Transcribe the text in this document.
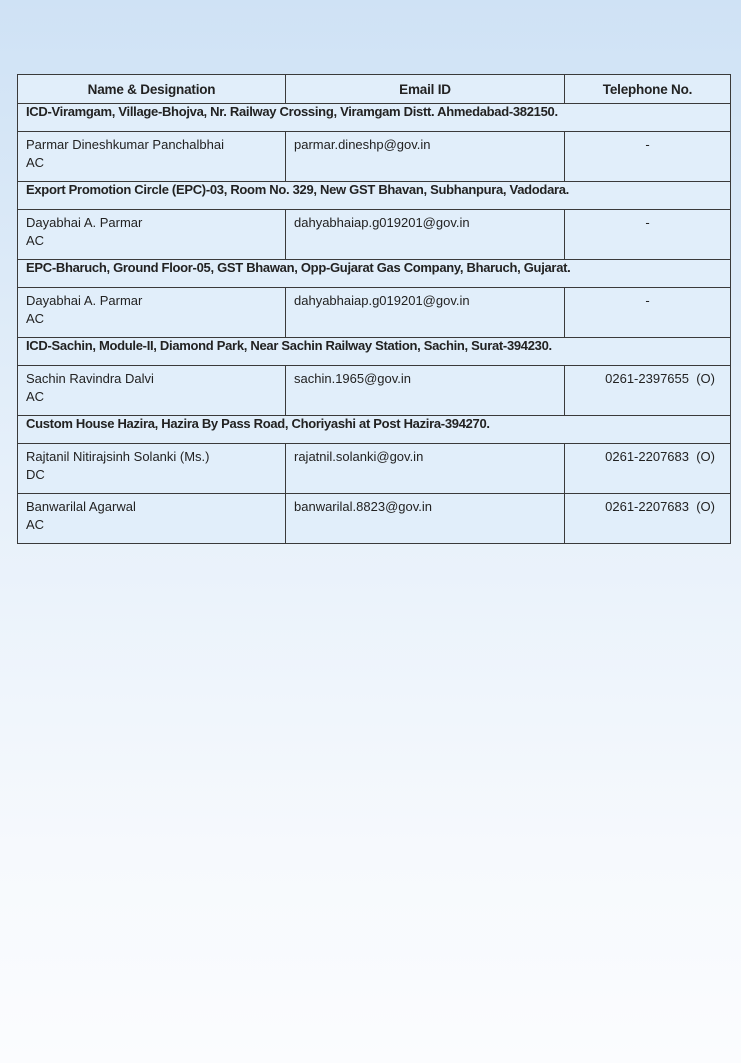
Name & Designation	Email ID	Telephone No.
ICD-Viramgam, Village-Bhojva, Nr. Railway Crossing, Viramgam Distt. Ahmedabad-382150.		

Parmar Dineshkumar Panchalbhai
AC	parmar.dineshp@gov.in	-
Export Promotion Circle (EPC)-03, Room No. 329, New GST Bhavan, Subhanpura, Vadodara.		

Dayabhai A. Parmar
AC	dahyabhaiap.g019201@gov.in	-
EPC-Bharuch, Ground Floor-05, GST Bhawan, Opp-Gujarat Gas Company, Bharuch, Gujarat.		

Dayabhai A. Parmar
AC	dahyabhaiap.g019201@gov.in	-
ICD-Sachin, Module-II, Diamond Park, Near Sachin Railway Station, Sachin, Surat-394230.		

Sachin Ravindra Dalvi
AC	sachin.1965@gov.in	0261-2397655  (O)
Custom House Hazira, Hazira By Pass Road, Choriyashi at Post Hazira-394270.		

Rajtanil Nitirajsinh Solanki (Ms.)
DC	rajatnil.solanki@gov.in	0261-2207683  (O)

Banwarilal Agarwal
AC	banwarilal.8823@gov.in	0261-2207683  (O)
